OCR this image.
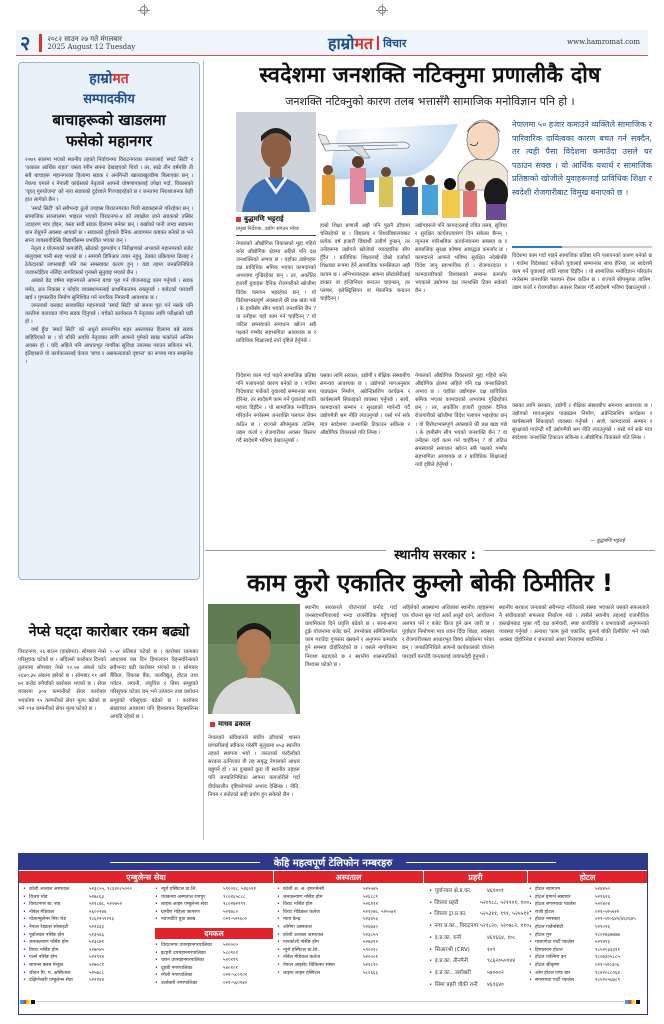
२	२०८२ साउन २७ गते मंगलबार
2025 August 12 Tuesday	हाम्रो मत विचार	www.hamromat.com
हाम्रोमत
सम्पादकीय
बाचाहरूको खाडलमा
फसेको महानगर

२०७९ सालमा भएको स्थानीय तहको निर्वाचनमा विराटनगरका जनतालाई 'स्मार्ट सिटी' र 'तत्काल आर्थिक राहत' जस्ता रंगीन सपना देखाइएको थियो । तर, साढे तीन वर्षपछि ती सबै बाचाहरू महानगरका हिलाम्य सडक र अनगिन्ती खाल्डाखुल्डीमा बिलाएका छन् । नेकपा एमाले र नेपाली कांग्रेसको नेतृत्वले आफ्नो घोषणापत्रलाई उपेक्षा गर्दा, विकासको 'वृहत् गुरुयोजना' को नारा सडकको दुर्दशाले गिज्याइरहेको छ र जनतामा निराशाजनक केही हात लागेको छैन ।

'स्मार्ट सिटी' को सबैभन्दा ठूलो उपहास विराटनगरका भित्री सडकहरूले गरिरहेका छन् । सामाजिक सञ्जालमा भाइरल भएको विराटनगर-४ को ल्याब्रोल जाने सडकको तस्बिर उदाहरण मात्र होइन, यस्ता सयौं सडक हिलाम्य बनेका छन् । बर्खाको पानी जम्दा सडकमा धान रोप्नुपर्ने अवस्था आएको छ । सडकको दुर्दशाले दैनिक आवागमन कष्टकर बनेको छ भने साना व्यवसायीदेखि विद्यार्थीसम्म प्रभावित भएका छन् ।

नेतृत्व र योजनाको कमजोरी, स्रोतको दुरुपयोग र निरीक्षणको अभावले महानगरको बजेट बालुवामा पानी सरह भएको छ । समयमै डिपिआर तयार नहुनु, ठेक्का प्रक्रियामा ढिलाइ र ठेकेदारको लापरबाही पनि यस समस्याका कारण हुन् । वडा तहमा जनप्रतिनिधिले जवाफदेहिता नलिँदा नागरिकको गुनासो सुनुवाइ भएको छैन ।

अबको डेढ वर्षमा महानगरले आफ्ना बाचा पूरा गर्न योजनाबद्ध काम गर्नुपर्छ । सडक मर्मत, ढल निकास र फोहोर व्यवस्थापनलाई प्राथमिकतामा राख्नुपर्छ । बजेटको पारदर्शी खर्च र गुणस्तरीय निर्माण सुनिश्चित गर्न नागरिक निगरानी आवश्यक छ ।

जनताको करबाट सञ्चालित महानगरले 'स्मार्ट सिटी' को सपना पूरा गर्न नसके पनि कम्तीमा यातायात योग्य सडक दिनुपर्छ । बचेको कार्यकाल नै नेतृत्वका लागि परीक्षाको घडी हो ।

वर्षा हुँदा 'स्मार्ट सिटी' को अधुरो सपनाभित्र शहर अस्तव्यस्त हिलाम्य बन्ने सडक बाहिरिएको छ । यो बाँकी अवधि नेतृत्वका लागि आफ्नो गुमेको साख फर्काउने अन्तिम अवसर हो । यदि अहिले पनि आधारभूत नागरिक सुविधा उपलब्ध गराउन सकिएन भने, इतिहासले यो कार्यकाललाई केवल 'बाचा र असफलताको दृष्टान्त' का रूपमा मात्र सम्झनेछ ।

स्वदेशमा जनशक्ति नटिक्नुमा प्रणालीकै दोष
जनशक्ति नटिक्नुको कारण तलब भत्तासँगै सामाजिक मनोविज्ञान पनि हो ।
बुद्धमणि भट्टराई
प्रमुख निर्देशक, उद्योग संगठन मोरङ
नेपालमा ५० हजार कमाउने व्यक्तिले सामाजिक र पारिवारिक दायित्वका कारण बचत गर्न सक्दैन, तर त्यही पैसा विदेशमा कमाउँदा उसले घर पठाउन सक्छ । यो आर्थिक यथार्थ र सामाजिक प्रतिष्ठाको खोजीले युवाहरूलाई प्राविधिक शिक्षा र स्वदेशी रोजगारीबाट विमुख बनाएको छ ।
नेपालको औद्योगिक विकासको मुद्दा गहिरो बनेर औद्योगिक क्षेत्रमा अहिले पनि दक्ष जनशक्तिको अभाव छ । यहाँका उद्योगहरू दक्ष प्राविधिक श्रमिक भएका कामदारको अभावमा गुज्रिरहेका छन् । तर, अर्कोतिर हजारौं युवाहरू दैनिक रोजगारीको खोजीमा विदेश पलायन भइरहेका छन् । यो विरोधाभासपूर्ण अवस्थाले धेरै प्रश्न खडा गर्छ । के हामीसँग सीप भएको जनशक्ति छैन ? वा उनीहरू यहाँ काम गर्न चाहँदैनन् ? यो जटिल समस्याको समाधान खोज्न सबै पक्षको गम्भीर सहभागिता आवश्यक छ र प्राविधिक शिक्षालाई नयाँ दृष्टिले हेर्नुपर्छ ।
हाम्रो शिक्षा प्रणाली अझै पनि पुरानै ढाँचामा चलिरहेको छ । विद्यालय र विश्वविद्यालयबाट प्रत्येक वर्ष हजारौं विद्यार्थी उत्तीर्ण हुन्छन्, तर उनीहरूमा उद्योगले खोजेको व्यावहारिक सीप हुँदैन । प्राविधिक शिक्षालाई दोस्रो दर्जाको शिक्षाका रूपमा हेर्ने सामाजिक मानसिकता अझै कायम छ । अभिभावकहरू आफ्ना छोराछोरीलाई डाक्टर वा इन्जिनियर बनाउन चाहन्छन्, तर प्लम्बर, इलेक्ट्रिसियन वा मेकानिक बनाउन चाहँदैनन् ।
उद्योगहरूले पनि कामदारलाई उचित तलब, सुविधा र सुरक्षित कार्यवातावरण दिन सकेका छैनन् । न्यूनतम पारिश्रमिक कार्यान्वयनमा समस्या छ र सामाजिक सुरक्षा कोषमा आबद्धता कमजोर छ । कामदारले आफ्नो भविष्य सुरक्षित नदेखेपछि विदेश जानु स्वाभाविक हो । रोजगारदाता र कामदारबीचको विश्वासको सम्बन्ध कमजोर भएकाले उद्योगमा दक्ष जनशक्ति टिक्न सकेको छैन ।
विदेशमा काम गर्दा पाइने सामाजिक प्रतिष्ठा पनि पलायनको कारण बनेको छ । गाउँमा विदेशबाट फर्केको युवालाई सम्मानका साथ हेरिन्छ, तर स्वदेशमै काम गर्ने युवालाई त्यति महत्त्व दिइँदैन । यो सामाजिक मनोविज्ञान परिवर्तन नगरेसम्म जनशक्ति पलायन रोक्न कठिन छ । राज्यले सीपमूलक तालिम, उद्यम कर्जा र रोजगारीका अवसर विस्तार गर्दै स्वदेशमै भविष्य देखाउनुपर्छ ।
यसका लागि सरकार, उद्योगी र शैक्षिक संस्थाबीच समन्वय आवश्यक छ । उद्योगको मागअनुसार पाठ्यक्रम निर्माण, अप्रेन्टिसशिप कार्यक्रम र कार्यस्थलमै सिकाइको व्यवस्था गर्नुपर्छ । साथै, कामदारको सम्मान र सुरक्षाको ग्यारेन्टी गर्दै उद्योगमैत्री श्रम नीति ल्याउनुपर्छ । यसो गर्न सके मात्र स्वदेशमा जनशक्ति टिकाउन सकिन्छ र औद्योगिक विकासले गति लिन्छ ।
विदेशमा काम गर्दा पाइने सामाजिक प्रतिष्ठा पनि पलायनको कारण बनेको छ । गाउँमा विदेशबाट फर्केको युवालाई सम्मानका साथ हेरिन्छ, तर स्वदेशमै काम गर्ने युवालाई त्यति महत्त्व दिइँदैन । यो सामाजिक मनोविज्ञान परिवर्तन नगरेसम्म जनशक्ति पलायन रोक्न कठिन छ । राज्यले सीपमूलक तालिम, उद्यम कर्जा र रोजगारीका अवसर विस्तार गर्दै स्वदेशमै भविष्य देखाउनुपर्छ ।
यसका लागि सरकार, उद्योगी र शैक्षिक संस्थाबीच समन्वय आवश्यक छ । उद्योगको मागअनुसार पाठ्यक्रम निर्माण, अप्रेन्टिसशिप कार्यक्रम र कार्यस्थलमै सिकाइको व्यवस्था गर्नुपर्छ । साथै, कामदारको सम्मान र सुरक्षाको ग्यारेन्टी गर्दै उद्योगमैत्री श्रम नीति ल्याउनुपर्छ । यसो गर्न सके मात्र स्वदेशमा जनशक्ति टिकाउन सकिन्छ र औद्योगिक विकासले गति लिन्छ ।
नेपालको औद्योगिक विकासको मुद्दा गहिरो बनेर औद्योगिक क्षेत्रमा अहिले पनि दक्ष जनशक्तिको अभाव छ । यहाँका उद्योगहरू दक्ष प्राविधिक श्रमिक भएका कामदारको अभावमा गुज्रिरहेका छन् । तर, अर्कोतिर हजारौं युवाहरू दैनिक रोजगारीको खोजीमा विदेश पलायन भइरहेका छन् । यो विरोधाभासपूर्ण अवस्थाले धेरै प्रश्न खडा गर्छ । के हामीसँग सीप भएको जनशक्ति छैन ? वा उनीहरू यहाँ काम गर्न चाहँदैनन् ? यो जटिल समस्याको समाधान खोज्न सबै पक्षको गम्भीर सहभागिता आवश्यक छ र प्राविधिक शिक्षालाई नयाँ दृष्टिले हेर्नुपर्छ ।
— बुद्धमणि भट्टराई
स्थानीय सरकार :
काम कुरो एकातिर कुम्लो बोकी ठिमीतिर !
माधव ढकाल
नेपालको संविधानले संघीय ढाँचाको शासन प्रणालीलाई स्वीकार गरेसँगै मुलुकमा ७५३ स्थानीय तहको स्थापना भयो । जनताको घरदैलोको सरकार ठानिएका यी तह समृद्ध नेपालको आधार बन्नुपर्ने हो । तर दुःखको कुरा यी स्थानीय तहहरू पनि जनप्रतिनिधिका आफ्ना कमजोरीले गर्दा दीर्घकालीन दृष्टिकोणको अभाव देखिन्छ । नीति, नियम र बजेटको सही प्रयोग हुन सकेको छैन ।
स्थानीय सरकारले योजनाको छनोट गर्दा जनसहभागितालाई भन्दा राजनीतिक पहुँचलाई प्राथमिकता दिने प्रवृत्ति बढेको छ । साना-साना टुक्रे योजनामा बजेट छर्ने, उपभोक्ता समितिमार्फत काम गराउँदा गुणस्तर खस्कने र अनुगमन कमजोर हुने समस्या दोहोरिरहेको छ । यसले नागरिकमा निराशा बढाएको छ र स्थानीय शासनप्रतिको विश्वास घटेको छ ।
अहिलेको अवस्थामा अधिकांश स्थानीय तहहरूमा एक योजना सुरु गर्दा अर्को अधुरो रहने, आयोजना अलपत्र पर्ने र बजेट फ्रिज हुने क्रम जारी छ । पूर्वाधार निर्माणमा मात्र ध्यान दिँदा शिक्षा, स्वास्थ्य र रोजगारीजस्ता आधारभूत विषय ओझेलमा परेका छन् । जनप्रतिनिधिले आफ्नो कार्यकालको योजना पारदर्शी बनाउँदै जनतालाई जवाफदेही हुनुपर्छ ।
स्थानीय सरकार जनताको सबैभन्दा नजिकको संस्था भएकाले यसको सफलताले नै संघीयताको सफलता निर्धारण गर्छ । त्यसैले स्थानीय तहलाई राजनीतिक हस्तक्षेपबाट मुक्त गर्दै दक्ष कर्मचारी, स्पष्ट कार्यविधि र प्रभावकारी अनुगमनको व्यवस्था गर्नुपर्छ । अन्यथा 'काम कुरो एकातिर, कुम्लो बोकी ठिमीतिर' भने जस्तै अवस्था दोहोरिनेछ र जनताको आशा निराशामा बदलिनेछ ।
नेप्से घट्दा कारोबार रकम बढ्यो
विराटनगर, २६ साउन (हाम्रोमत)- सोमबार नेप्से परिसूचक घटेको छ । अघिल्लो कारोबार दिनको तुलनामा सोमबार नेप्से १०.५७ अंकले घटेर २६४०.३४ अंकमा झरेको छ । सोमबार ११ अर्ब ७२ करोड रुपैयाँको कारोबार भएको छ । सेयर बजारमा ३०४ कम्पनीको सेयर कारोबार भएकोमा ९५ कम्पनीको सेयर मूल्य बढेको छ भने १९७ कम्पनीको सेयर मूल्य घटेको छ ।
०.५४ प्रतिशत घटेको छ । कारोबार रकमका आधारमा यस दिन हिमालयन रिइन्स्योरेन्सको सबैभन्दा बढी कारोबार भएको छ । सोमबार बैंकिङ, विकास बैंक, जलविद्युत्, होटल तथा पर्यटन, लगानी, लघुवित्त र बिमा समूहको परिसूचक घटेका छन् भने उत्पादन तथा प्रशोधन समूहको परिसूचक बढेको छ । कारोबार संख्याका आधारमा पनि हिमालयन रिइन्स्योरेन्स अगाडि रहेको छ ।
केहि महत्वपूर्ण टेलिफोन नम्बरहरु
एम्बुलेन्स सेवा	अस्पताल	प्रहरी	होटल
• कोशी अञ्चल अस्पताल	५२३८५५, ९८६२०८५०००
• विजय मोड	५२७८६३
• विराटनगर बा. संघ	५२१८७८, ५२०७५२
• नोबेल मेडिकल	५६००२४४
• पोलाम्बुलेन्स मिरा रोड	९८६२२५१२२३
• नेपाल रेडक्रस सोसाइटी	५२२३३३
• पूर्वाञ्चल नर्सिङ होम	५२३५६६
• जनकल्याण नर्सिङ होम	५२३८७१
• विराट नर्सिङ होम	५२७०४५
• गर्ल्स नर्सिङ होम	५२२९२४
• लायन्स क्लब मेन्डुल	५२७०८१
• जीवन मि. म. अस्पिताल	५२५७८८
• दक्षिणेश्वरी एम्बुलेन्स सेवा	५२२१२४
• न्यूरो हस्पिटल प्रा.लि.	५९००१८, ५२६०२१
• पंचकन्या अस्पताल रामपुर	९८०२६५८८८
• लाइफ लाइन एम्बुलेन्स सेवा	९८०२७२९९९
• ग्रामीण महिला जागरण	५२१७८२
• नवज्योति युवा क्लब	०२१-५२९६००
दमकल
• विराटनगर उपमहानगरपालिका	५२००००
• इटहरी उपमहानगरपालिका	५८०९०९
• धरान उपमहानगरपालिका	५२०१९९
• दुहबी नगरपालिका	५४०१०१
• रंगेली नगरपालिका	०२१-५८०१०१
• उर्लाबारी नगरपालिका	०२१-५६०१४०
• कोशी अ. अ. इमरजेन्सी	५२५५४५
• जनकल्याण नर्सिङ होम	५२६८८९
• विराट नर्सिङ होम	५२६१११
• विराट मेडिकल कलेज	५२१०७८, ५२५५४१
• न्याय केन्द्र	५२३४५६
• ओमेगा अस्पताल	५२६७३०
• कोशी अञ्चल अस्पताल	५२३८५५
• नानकोशी नर्सिङ होम	५२७३९२
• न्युरो हस्पिटल प्रा.लि.	५९००१८
• नोबेल मेडिकल कलेज	५२०००१
• नेपाल आइसेट चिकित्सा संस्था	५२२८१०
• लाइफ लाइन हस्पिटल	५८०६६६
• पूर्वाञ्चल क्षे.प्र.का.	४६१००१
• जिल्ला प्रहरी	५२०९८८, ५२१९०१, १००
• जिल्ला ट्रा.प्र.का.	५२५३११, १९१, ५२५५११
• नगर प्र.का., विराटनगर ५२१८२०, ५२०७८२, ११०
• इ.प्र.का. रानी	४६१६६४, १०८
• सिआरभी (CRV)	१०९
• इ.प्र.का. तीनपैनी	९८६२०५०१४४
• इ.प्र.का., उर्लाबारी	५४०००२
• सिमा प्रहरी चौकी रानी	४६१६४०
• होटल स्वागतम	५२४४५०
• होटल इम्पर्भ स्क्वायर	५२१६२६
• होटल सगरमाथा प्यालेस	५२०४०४
• राजी होटल	०२१-५२५५२२
• होटल नमस्कार	०२१-५१०६४५/४६०६४५
• होटल गार्डेनसिटी	५२१०२६
• होटल मुन	९८०२७३७७७७
• मालागोदा पार्टी प्यालेस	५२१४९३
• हिमालयन होटल	९८५२०३३३११
• होटल पाल्मिरा इन	९८०७३०५८८५
• होटल श्रीकृष्ण	०२१-५२०३०६
• ओम होटल एण्ड बार	९८४२०८८०६४
• सगरमाथा पार्टी प्यालेस	९८५२०५६७८९
